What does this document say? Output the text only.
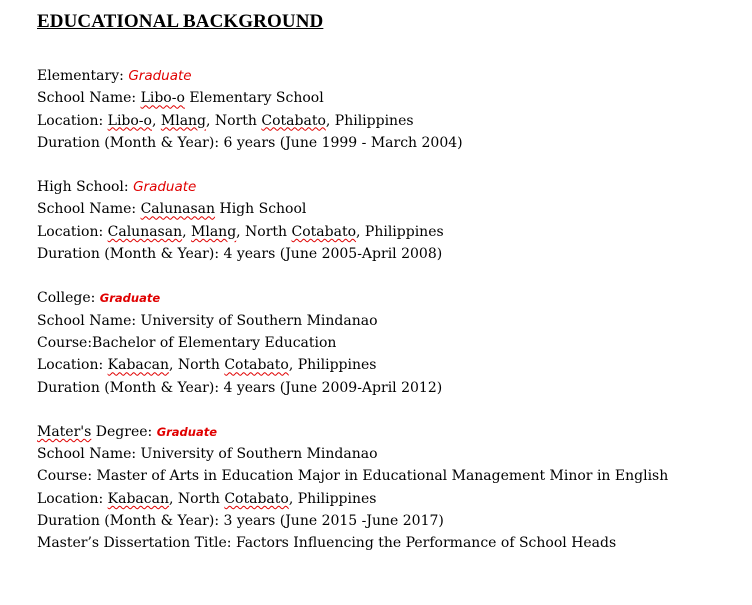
EDUCATIONAL BACKGROUND
Elementary: Graduate
School Name: Libo-o Elementary School
Location: Libo-o, Mlang, North Cotabato, Philippines
Duration (Month & Year): 6 years (June 1999 - March 2004)
High School: Graduate
School Name: Calunasan High School
Location: Calunasan, Mlang, North Cotabato, Philippines
Duration (Month & Year): 4 years (June 2005-April 2008)
College: Graduate
School Name: University of Southern Mindanao
Course:Bachelor of Elementary Education
Location: Kabacan, North Cotabato, Philippines
Duration (Month & Year): 4 years (June 2009-April 2012)
Mater's Degree: Graduate
School Name: University of Southern Mindanao
Course: Master of Arts in Education Major in Educational Management Minor in English
Location: Kabacan, North Cotabato, Philippines
Duration (Month & Year): 3 years (June 2015 -June 2017)
Master’s Dissertation Title: Factors Influencing the Performance of School Heads
